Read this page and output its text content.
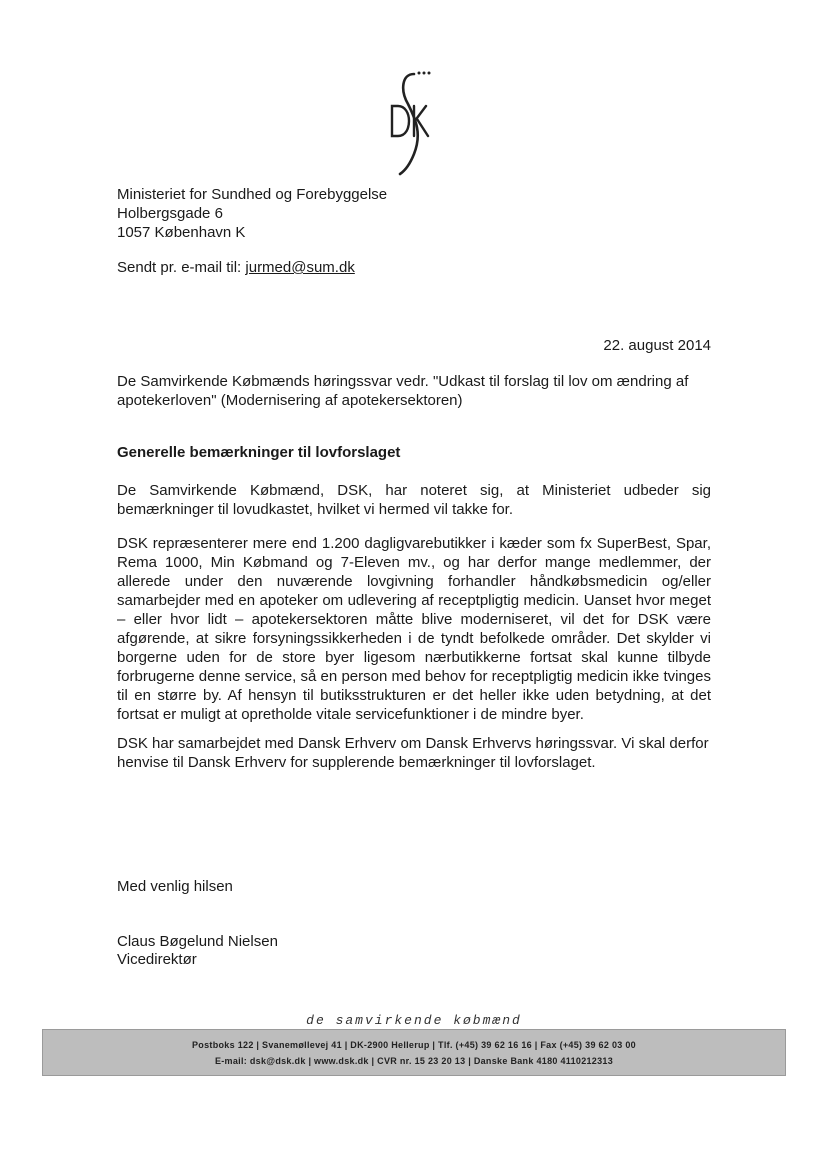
Ministeriet for Sundhed og Forebyggelse
Holbergsgade 6
1057 København K
Sendt pr. e-mail til: jurmed@sum.dk
22. august 2014
De Samvirkende Købmænds høringssvar vedr. "Udkast til forslag til lov om ændring af apotekerloven" (Modernisering af apotekersektoren)
Generelle bemærkninger til lovforslaget
De Samvirkende Købmænd, DSK, har noteret sig, at Ministeriet udbeder sig bemærkninger til lovudkastet, hvilket vi hermed vil takke for.
DSK repræsenterer mere end 1.200 dagligvarebutikker i kæder som fx SuperBest, Spar, Rema 1000, Min Købmand og 7-Eleven mv., og har derfor mange medlemmer, der allerede under den nuværende lovgivning forhandler håndkøbsmedicin og/eller samarbejder med en apoteker om udlevering af receptpligtig medicin. Uanset hvor meget – eller hvor lidt – apotekersektoren måtte blive moderniseret, vil det for DSK være afgørende, at sikre forsyningssikkerheden i de tyndt befolkede områder. Det skylder vi borgerne uden for de store byer ligesom nærbutikkerne fortsat skal kunne tilbyde forbrugerne denne service, så en person med behov for receptpligtig medicin ikke tvinges til en større by. Af hensyn til butiksstrukturen er det heller ikke uden betydning, at det fortsat er muligt at opretholde vitale servicefunktioner i de mindre byer.
DSK har samarbejdet med Dansk Erhverv om Dansk Erhvervs høringssvar. Vi skal derfor henvise til Dansk Erhverv for supplerende bemærkninger til lovforslaget.
Med venlig hilsen
Claus Bøgelund Nielsen
Vicedirektør
de samvirkende købmænd
Postboks 122 | Svanemøllevej 41 | DK-2900 Hellerup | Tlf. (+45) 39 62 16 16 | Fax (+45) 39 62 03 00
E-mail: dsk@dsk.dk | www.dsk.dk | CVR nr. 15 23 20 13 | Danske Bank 4180 4110212313
